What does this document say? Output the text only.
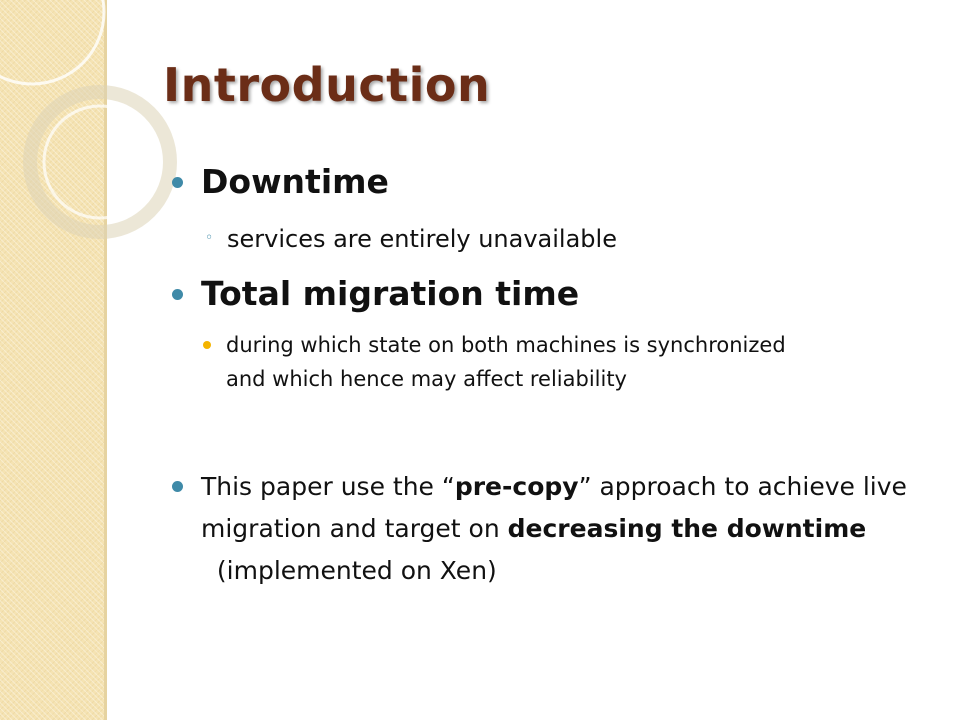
Introduction
Downtime
◦ services are entirely unavailable
Total migration time
during which state on both machines is synchronized
and which hence may affect reliability
This paper use the “pre-copy” approach to achieve live migration and target on decreasing the downtime  (implemented on Xen)
